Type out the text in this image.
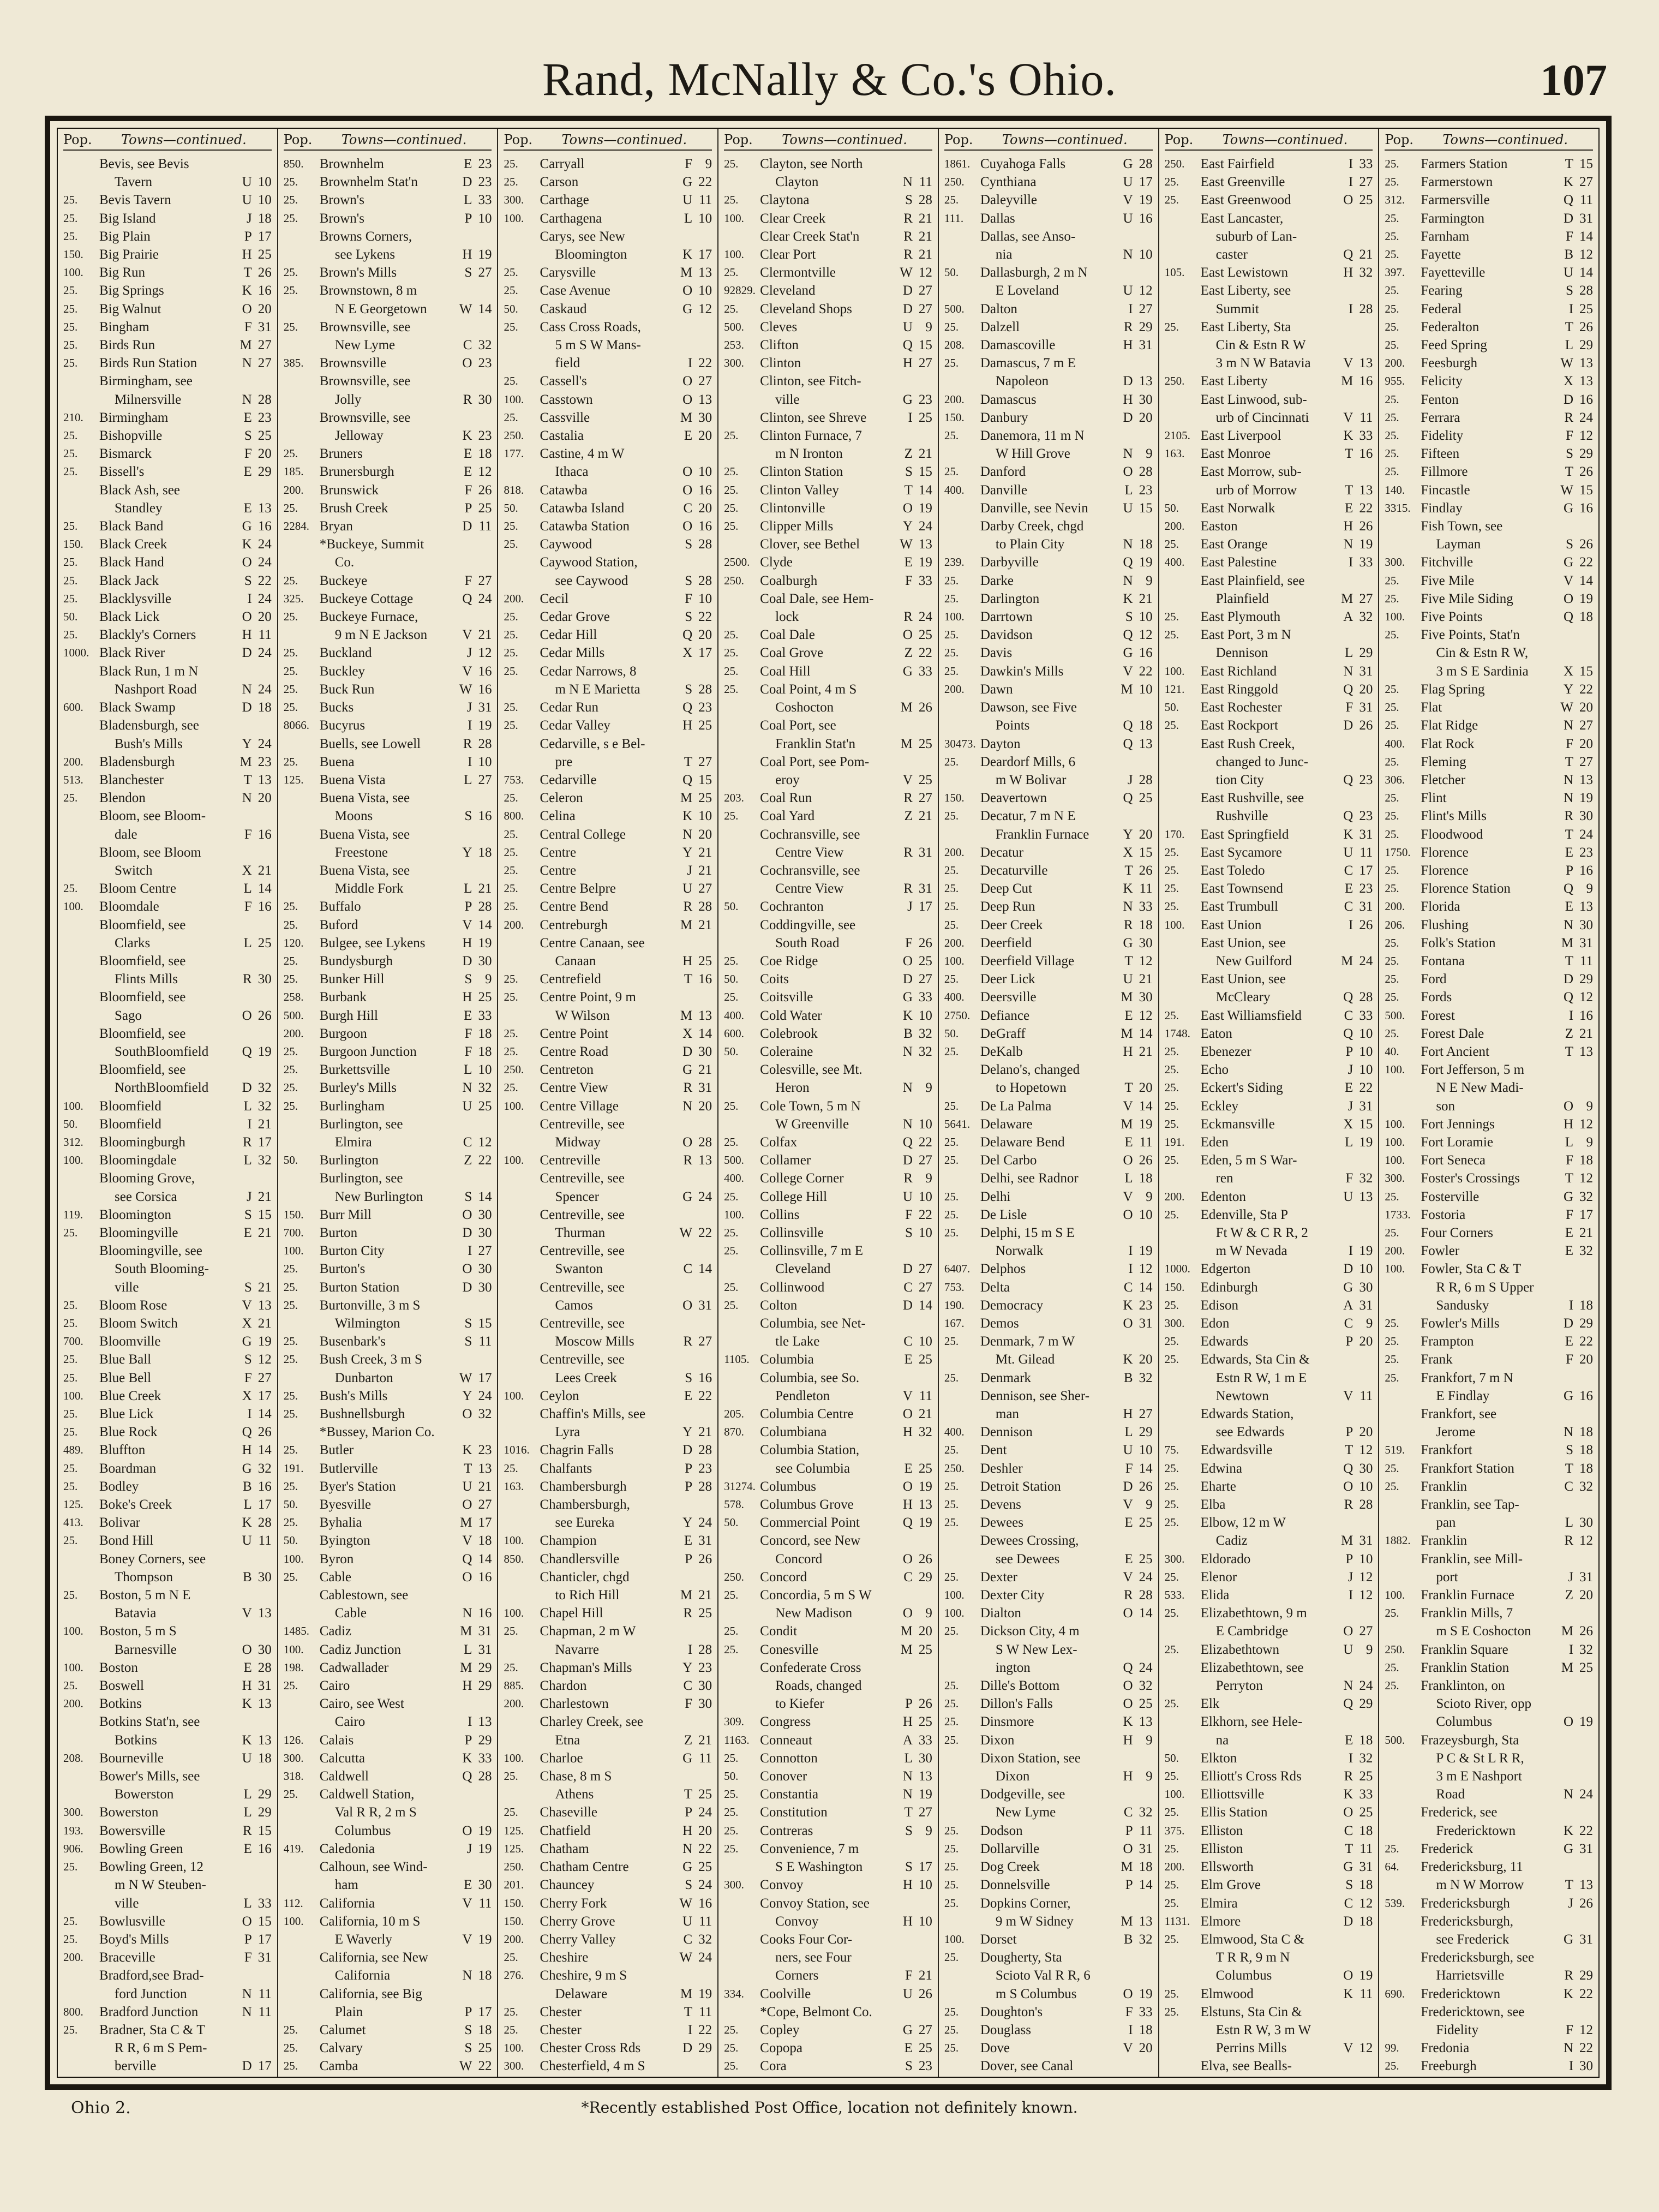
Rand, McNally & Co.'s Ohio.	107
Pop.	Towns—continued.
Bevis, see Bevis
Tavern	U 10
25.	Bevis Tavern	U 10
25.	Big Island	J 18
25.	Big Plain	P 17
150.	Big Prairie	H 25
100.	Big Run	T 26
25.	Big Springs	K 16
25.	Big Walnut	O 20
25.	Bingham	F 31
25.	Birds Run	M 27
25.	Birds Run Station	N 27
Birmingham, see
Milnersville	N 28
210.	Birmingham	E 23
25.	Bishopville	S 25
25.	Bismarck	F 20
25.	Bissell's	E 29
Black Ash, see
Standley	E 13
25.	Black Band	G 16
150.	Black Creek	K 24
25.	Black Hand	O 24
25.	Black Jack	S 22
25.	Blacklysville	I 24
50.	Black Lick	O 20
25.	Blackly's Corners	H 11
1000. Black River	D 24
Black Run, 1 m N
Nashport Road	N 24
600.	Black Swamp	D 18
Bladensburgh, see
Bush's Mills	Y 24
200.	Bladensburgh	M 23
513.	Blanchester	T 13
25.	Blendon	N 20
Bloom, see Bloom-
dale	F 16
Bloom, see Bloom
Switch	X 21
25.	Bloom Centre	L 14
100.	Bloomdale	F 16
Bloomfield, see
Clarks	L 25
Bloomfield, see
Flints Mills	R 30
Bloomfield, see
Sago	O 26
Bloomfield, see
SouthBloomfield	Q 19
Bloomfield, see
NorthBloomfield	D 32
100.	Bloomfield	L 32
50.	Bloomfield	I 21
312.	Bloomingburgh	R 17
100.	Bloomingdale	L 32
Blooming Grove,
see Corsica	J 21
119.	Bloomington	S 15
25.	Bloomingville	E 21
Bloomingville, see
South Blooming-
ville	S 21
25.	Bloom Rose	V 13
25.	Bloom Switch	X 21
700.	Bloomville	G 19
25.	Blue Ball	S 12
25.	Blue Bell	F 27
100.	Blue Creek	X 17
25.	Blue Lick	I 14
25.	Blue Rock	Q 26
489.	Bluffton	H 14
25.	Boardman	G 32
25.	Bodley	B 16
125.	Boke's Creek	L 17
413.	Bolivar	K 28
25.	Bond Hill	U 11
Boney Corners, see
Thompson	B 30
25.	Boston, 5 m N E
Batavia	V 13
100.	Boston, 5 m S
Barnesville	O 30
100.	Boston	E 28
25.	Boswell	H 31
200.	Botkins	K 13
Botkins Stat'n, see
Botkins	K 13
208.	Bourneville	U 18
Bower's Mills, see
Bowerston	L 29
300.	Bowerston	L 29
193.	Bowersville	R 15
906.	Bowling Green	E 16
25.	Bowling Green, 12
m N W Steuben-
ville	L 33
25.	Bowlusville	O 15
25.	Boyd's Mills	P 17
200.	Braceville	F 31
Bradford,see Brad-
ford Junction	N 11
800.	Bradford Junction	N 11
25.	Bradner, Sta C & T
R R, 6 m S Pem-
berville	D 17
Pop.	Towns—continued.
850.	Brownhelm	E 23
25.	Brownhelm Stat'n	D 23
25.	Brown's	L 33
25.	Brown's	P 10
Browns Corners,
see Lykens	H 19
25.	Brown's Mills	S 27
25.	Brownstown, 8 m
N E Georgetown	W 14
25.	Brownsville, see
New Lyme	C 32
385.	Brownsville	O 23
Brownsville, see
Jolly	R 30
Brownsville, see
Jelloway	K 23
25.	Bruners	E 18
185.	Brunersburgh	E 12
200.	Brunswick	F 26
25.	Brush Creek	P 25
2284. Bryan	D 11
*Buckeye, Summit
Co.
25.	Buckeye	F 27
325.	Buckeye Cottage	Q 24
25.	Buckeye Furnace,
9 m N E Jackson	V 21
25.	Buckland	J 12
25.	Buckley	V 16
25.	Buck Run	W 16
25.	Bucks	J 31
8066. Bucyrus	I 19
Buells, see Lowell	R 28
25.	Buena	I 10
125.	Buena Vista	L 27
Buena Vista, see
Moons	S 16
Buena Vista, see
Freestone	Y 18
Buena Vista, see
Middle Fork	L 21
25.	Buffalo	P 28
25.	Buford	V 14
120.	Bulgee, see Lykens	H 19
25.	Bundysburgh	D 30
25.	Bunker Hill	S 9
258.	Burbank	H 25
500.	Burgh Hill	E 33
200.	Burgoon	F 18
25.	Burgoon Junction	F 18
25.	Burkettsville	L 10
25.	Burley's Mills	N 32
25.	Burlingham	U 25
Burlington, see
Elmira	C 12
50.	Burlington	Z 22
Burlington, see
New Burlington	S 14
150.	Burr Mill	O 30
700.	Burton	D 30
100.	Burton City	I 27
25.	Burton's	O 30
25.	Burton Station	D 30
25.	Burtonville, 3 m S
Wilmington	S 15
25.	Busenbark's	S 11
25.	Bush Creek, 3 m S
Dunbarton	W 17
25.	Bush's Mills	Y 24
25.	Bushnellsburgh	O 32
*Bussey, Marion Co.
25.	Butler	K 23
191.	Butlerville	T 13
25.	Byer's Station	U 21
50.	Byesville	O 27
25.	Byhalia	M 17
50.	Byington	V 18
100.	Byron	Q 14
25.	Cable	O 16
Cablestown, see
Cable	N 16
1485. Cadiz	M 31
100.	Cadiz Junction	L 31
198.	Cadwallader	M 29
25.	Cairo	H 29
Cairo, see West
Cairo	I 13
126.	Calais	P 29
300.	Calcutta	K 33
318.	Caldwell	Q 28
25.	Caldwell Station,
Val R R, 2 m S
Columbus	O 19
419.	Caledonia	J 19
Calhoun, see Wind-
ham	E 30
112.	California	V 11
100.	California, 10 m S
E Waverly	V 19
California, see New
California	N 18
California, see Big
Plain	P 17
25.	Calumet	S 18
25.	Calvary	S 25
25.	Camba	W 22
Pop.	Towns—continued.
25.	Carryall	F 9
25.	Carson	G 22
300.	Carthage	U 11
100.	Carthagena	L 10
Carys, see New
Bloomington	K 17
25.	Carysville	M 13
25.	Case Avenue	O 10
50.	Caskaud	G 12
25.	Cass Cross Roads,
5 m S W Mans-
field	I 22
25.	Cassell's	O 27
100.	Casstown	O 13
25.	Cassville	M 30
250.	Castalia	E 20
177.	Castine, 4 m W
Ithaca	O 10
818.	Catawba	O 16
50.	Catawba Island	C 20
25.	Catawba Station	O 16
25.	Caywood	S 28
Caywood Station,
see Caywood	S 28
200.	Cecil	F 10
25.	Cedar Grove	S 22
25.	Cedar Hill	Q 20
25.	Cedar Mills	X 17
25.	Cedar Narrows, 8
m N E Marietta	S 28
25.	Cedar Run	Q 23
25.	Cedar Valley	H 25
Cedarville, s e Bel-
pre	T 27
753.	Cedarville	Q 15
25.	Celeron	M 25
800.	Celina	K 10
25.	Central College	N 20
25.	Centre	Y 21
25.	Centre	J 21
25.	Centre Belpre	U 27
25.	Centre Bend	R 28
200.	Centreburgh	M 21
Centre Canaan, see
Canaan	H 25
25.	Centrefield	T 16
25.	Centre Point, 9 m
W Wilson	M 13
25.	Centre Point	X 14
25.	Centre Road	D 30
250.	Centreton	G 21
25.	Centre View	R 31
100.	Centre Village	N 20
Centreville, see
Midway	O 28
100.	Centreville	R 13
Centreville, see
Spencer	G 24
Centreville, see
Thurman	W 22
Centreville, see
Swanton	C 14
Centreville, see
Camos	O 31
Centreville, see
Moscow Mills	R 27
Centreville, see
Lees Creek	S 16
100.	Ceylon	E 22
Chaffin's Mills, see
Lyra	Y 21
1016. Chagrin Falls	D 28
25.	Chalfants	P 23
163.	Chambersburgh	P 28
Chambersburgh,
see Eureka	Y 24
100.	Champion	E 31
850.	Chandlersville	P 26
Chanticler, chgd
to Rich Hill	M 21
100.	Chapel Hill	R 25
25.	Chapman, 2 m W
Navarre	I 28
25.	Chapman's Mills	Y 23
885.	Chardon	C 30
200.	Charlestown	F 30
Charley Creek, see
Etna	Z 21
100.	Charloe	G 11
25.	Chase, 8 m S
Athens	T 25
25.	Chaseville	P 24
125.	Chatfield	H 20
125.	Chatham	N 22
250.	Chatham Centre	G 25
201.	Chauncey	S 24
150.	Cherry Fork	W 16
150.	Cherry Grove	U 11
200.	Cherry Valley	C 32
25.	Cheshire	W 24
276.	Cheshire, 9 m S
Delaware	M 19
25.	Chester	T 11
25.	Chester	I 22
100.	Chester Cross Rds	D 29
300.	Chesterfield, 4 m S
Pop.	Towns—continued.
25.	Clayton, see North
Clayton	N 11
25.	Claytona	S 28
100.	Clear Creek	R 21
Clear Creek Stat'n	R 21
100.	Clear Port	R 21
25.	Clermontville	W 12
92829. Cleveland	D 27
25.	Cleveland Shops	D 27
500.	Cleves	U 9
253.	Clifton	Q 15
300.	Clinton	H 27
Clinton, see Fitch-
ville	G 23
Clinton, see Shreve	I 25
25.	Clinton Furnace, 7
m N Ironton	Z 21
25.	Clinton Station	S 15
25.	Clinton Valley	T 14
25.	Clintonville	O 19
25.	Clipper Mills	Y 24
Clover, see Bethel	W 13
2500. Clyde	E 19
250.	Coalburgh	F 33
Coal Dale, see Hem-
lock	R 24
25.	Coal Dale	O 25
25.	Coal Grove	Z 22
25.	Coal Hill	G 33
25.	Coal Point, 4 m S
Coshocton	M 26
Coal Port, see
Franklin Stat'n	M 25
Coal Port, see Pom-
eroy	V 25
203.	Coal Run	R 27
25.	Coal Yard	Z 21
Cochransville, see
Centre View	R 31
Cochransville, see
Centre View	R 31
50.	Cochranton	J 17
Coddingville, see
South Road	F 26
25.	Coe Ridge	O 25
50.	Coits	D 27
25.	Coitsville	G 33
400.	Cold Water	K 10
600.	Colebrook	B 32
50.	Coleraine	N 32
Colesville, see Mt.
Heron	N 9
25.	Cole Town, 5 m N
W Greenville	N 10
25.	Colfax	Q 22
500.	Collamer	D 27
400.	College Corner	R 9
25.	College Hill	U 10
100.	Collins	F 22
25.	Collinsville	S 10
25.	Collinsville, 7 m E
Cleveland	D 27
25.	Collinwood	C 27
25.	Colton	D 14
Columbia, see Net-
tle Lake	C 10
1105. Columbia	E 25
Columbia, see So.
Pendleton	V 11
205.	Columbia Centre	O 21
870.	Columbiana	H 32
Columbia Station,
see Columbia	E 25
31274. Columbus	O 19
578.	Columbus Grove	H 13
50.	Commercial Point	Q 19
Concord, see New
Concord	O 26
250.	Concord	C 29
25.	Concordia, 5 m S W
New Madison	O 9
25.	Condit	M 20
25.	Conesville	M 25
Confederate Cross
Roads, changed
to Kiefer	P 26
309.	Congress	H 25
1163. Conneaut	A 33
25.	Connotton	L 30
50.	Conover	N 13
25.	Constantia	N 19
25.	Constitution	T 27
25.	Contreras	S 9
25.	Convenience, 7 m
S E Washington	S 17
300.	Convoy	H 10
Convoy Station, see
Convoy	H 10
Cooks Four Cor-
ners, see Four
Corners	F 21
334.	Coolville	U 26
*Cope, Belmont Co.
25.	Copley	G 27
25.	Copopa	E 25
25.	Cora	S 23
Pop.	Towns—continued.
1861. Cuyahoga Falls	G 28
250.	Cynthiana	U 17
25.	Daleyville	V 19
111.	Dallas	U 16
Dallas, see Anso-
nia	N 10
50.	Dallasburgh, 2 m N
E Loveland	U 12
500.	Dalton	I 27
25.	Dalzell	R 29
208.	Damascoville	H 31
25.	Damascus, 7 m E
Napoleon	D 13
200.	Damascus	H 30
150.	Danbury	D 20
25.	Danemora, 11 m N
W Hill Grove	N 9
25.	Danford	O 28
400.	Danville	L 23
Danville, see Nevin	U 15
Darby Creek, chgd
to Plain City	N 18
239.	Darbyville	Q 19
25.	Darke	N 9
25.	Darlington	K 21
100.	Darrtown	S 10
25.	Davidson	Q 12
25.	Davis	G 16
25.	Dawkin's Mills	V 22
200.	Dawn	M 10
Dawson, see Five
Points	Q 18
30473. Dayton	Q 13
25.	Deardorf Mills, 6
m W Bolivar	J 28
150.	Deavertown	Q 25
25.	Decatur, 7 m N E
Franklin Furnace	Y 20
200.	Decatur	X 15
25.	Decaturville	T 26
25.	Deep Cut	K 11
25.	Deep Run	N 33
25.	Deer Creek	R 18
200.	Deerfield	G 30
100.	Deerfield Village	T 12
25.	Deer Lick	U 21
400.	Deersville	M 30
2750. Defiance	E 12
50.	DeGraff	M 14
25.	DeKalb	H 21
Delano's, changed
to Hopetown	T 20
25.	De La Palma	V 14
5641. Delaware	M 19
25.	Delaware Bend	E 11
25.	Del Carbo	O 26
Delhi, see Radnor	L 18
25.	Delhi	V 9
25.	De Lisle	O 10
25.	Delphi, 15 m S E
Norwalk	I 19
6407. Delphos	I 12
753.	Delta	C 14
190.	Democracy	K 23
167.	Demos	O 31
25.	Denmark, 7 m W
Mt. Gilead	K 20
25.	Denmark	B 32
Dennison, see Sher-
man	H 27
400.	Dennison	L 29
25.	Dent	U 10
250.	Deshler	F 14
25.	Detroit Station	D 26
25.	Devens	V 9
25.	Dewees	E 25
Dewees Crossing,
see Dewees	E 25
25.	Dexter	V 24
100.	Dexter City	R 28
100.	Dialton	O 14
25.	Dickson City, 4 m
S W New Lex-
ington	Q 24
25.	Dille's Bottom	O 32
25.	Dillon's Falls	O 25
25.	Dinsmore	K 13
25.	Dixon	H 9
Dixon Station, see
Dixon	H 9
Dodgeville, see
New Lyme	C 32
25.	Dodson	P 11
25.	Dollarville	O 31
25.	Dog Creek	M 18
25.	Donnelsville	P 14
25.	Dopkins Corner,
9 m W Sidney	M 13
100.	Dorset	B 32
25.	Dougherty, Sta
Scioto Val R R, 6
m S Columbus	O 19
25.	Doughton's	F 33
25.	Douglass	I 18
25.	Dove	V 20
Dover, see Canal
Pop.	Towns—continued.
250.	East Fairfield	I 33
25.	East Greenville	I 27
25.	East Greenwood	O 25
East Lancaster,
suburb of Lan-
caster	Q 21
105.	East Lewistown	H 32
East Liberty, see
Summit	I 28
25.	East Liberty, Sta
Cin & Estn R W
3 m N W Batavia	V 13
250.	East Liberty	M 16
East Linwood, sub-
urb of Cincinnati	V 11
2105. East Liverpool	K 33
163.	East Monroe	T 16
East Morrow, sub-
urb of Morrow	T 13
50.	East Norwalk	E 22
200.	Easton	H 26
25.	East Orange	N 19
400.	East Palestine	I 33
East Plainfield, see
Plainfield	M 27
25.	East Plymouth	A 32
25.	East Port, 3 m N
Dennison	L 29
100.	East Richland	N 31
121.	East Ringgold	Q 20
50.	East Rochester	F 31
25.	East Rockport	D 26
East Rush Creek,
changed to Junc-
tion City	Q 23
East Rushville, see
Rushville	Q 23
170.	East Springfield	K 31
25.	East Sycamore	U 11
25.	East Toledo	C 17
25.	East Townsend	E 23
25.	East Trumbull	C 31
100.	East Union	I 26
East Union, see
New Guilford	M 24
East Union, see
McCleary	Q 28
25.	East Williamsfield	C 33
1748. Eaton	Q 10
25.	Ebenezer	P 10
25.	Echo	J 10
25.	Eckert's Siding	E 22
25.	Eckley	J 31
25.	Eckmansville	X 15
191.	Eden	L 19
25.	Eden, 5 m S War-
ren	F 32
200.	Edenton	U 13
25.	Edenville, Sta P
Ft W & C R R, 2
m W Nevada	I 19
1000. Edgerton	D 10
150.	Edinburgh	G 30
25.	Edison	A 31
300.	Edon	C 9
25.	Edwards	P 20
25.	Edwards, Sta Cin &
Estn R W, 1 m E
Newtown	V 11
Edwards Station,
see Edwards	P 20
75.	Edwardsville	T 12
25.	Edwina	Q 30
25.	Eharte	O 10
25.	Elba	R 28
25.	Elbow, 12 m W
Cadiz	M 31
300.	Eldorado	P 10
25.	Elenor	J 12
533.	Elida	I 12
25.	Elizabethtown, 9 m
E Cambridge	O 27
25.	Elizabethtown	U 9
Elizabethtown, see
Perryton	N 24
25.	Elk	Q 29
Elkhorn, see Hele-
na	E 18
50.	Elkton	I 32
25.	Elliott's Cross Rds	R 25
100.	Elliottsville	K 33
25.	Ellis Station	O 25
375.	Elliston	C 18
25.	Elliston	T 11
200.	Ellsworth	G 31
25.	Elm Grove	S 18
25.	Elmira	C 12
1131. Elmore	D 18
25.	Elmwood, Sta C &
T R R, 9 m N
Columbus	O 19
25.	Elmwood	K 11
25.	Elstuns, Sta Cin &
Estn R W, 3 m W
Perrins Mills	V 12
Elva, see Bealls-
Pop.	Towns—continued.
25.	Farmers Station	T 15
25.	Farmerstown	K 27
312.	Farmersville	Q 11
25.	Farmington	D 31
25.	Farnham	F 14
25.	Fayette	B 12
397.	Fayetteville	U 14
25.	Fearing	S 28
25.	Federal	I 25
25.	Federalton	T 26
25.	Feed Spring	L 29
200.	Feesburgh	W 13
955.	Felicity	X 13
25.	Fenton	D 16
25.	Ferrara	R 24
25.	Fidelity	F 12
25.	Fifteen	S 29
25.	Fillmore	T 26
140.	Fincastle	W 15
3315. Findlay	G 16
Fish Town, see
Layman	S 26
300.	Fitchville	G 22
25.	Five Mile	V 14
25.	Five Mile Siding	O 19
100.	Five Points	Q 18
25.	Five Points, Stat'n
Cin & Estn R W,
3 m S E Sardinia	X 15
25.	Flag Spring	Y 22
25.	Flat	W 20
25.	Flat Ridge	N 27
400.	Flat Rock	F 20
25.	Fleming	T 27
306.	Fletcher	N 13
25.	Flint	N 19
25.	Flint's Mills	R 30
25.	Floodwood	T 24
1750. Florence	E 23
25.	Florence	P 16
25.	Florence Station	Q 9
200.	Florida	E 13
206.	Flushing	N 30
25.	Folk's Station	M 31
25.	Fontana	T 11
25.	Ford	D 29
25.	Fords	Q 12
500.	Forest	I 16
25.	Forest Dale	Z 21
40.	Fort Ancient	T 13
100.	Fort Jefferson, 5 m
N E New Madi-
son	O 9
100.	Fort Jennings	H 12
100.	Fort Loramie	L 9
100.	Fort Seneca	F 18
300.	Foster's Crossings	T 12
25.	Fosterville	G 32
1733. Fostoria	F 17
25.	Four Corners	E 21
200.	Fowler	E 32
100.	Fowler, Sta C & T
R R, 6 m S Upper
Sandusky	I 18
25.	Fowler's Mills	D 29
25.	Frampton	E 22
25.	Frank	F 20
25.	Frankfort, 7 m N
E Findlay	G 16
Frankfort, see
Jerome	N 18
519.	Frankfort	S 18
25.	Frankfort Station	T 18
25.	Franklin	C 32
Franklin, see Tap-
pan	L 30
1882. Franklin	R 12
Franklin, see Mill-
port	J 31
100.	Franklin Furnace	Z 20
25.	Franklin Mills, 7
m S E Coshocton	M 26
250.	Franklin Square	I 32
25.	Franklin Station	M 25
25.	Franklinton, on
Scioto River, opp
Columbus	O 19
500.	Frazeysburgh, Sta
P C & St L R R,
3 m E Nashport
Road	N 24
Frederick, see
Fredericktown	K 22
25.	Frederick	G 31
64.	Fredericksburg, 11
m N W Morrow	T 13
539.	Fredericksburgh	J 26
Fredericksburgh,
see Frederick	G 31
Fredericksburgh, see
Harrietsville	R 29
690.	Fredericktown	K 22
Fredericktown, see
Fidelity	F 12
99.	Fredonia	N 22
25.	Freeburgh	I 30
Ohio 2.	*Recently established Post Office, location not definitely known.
